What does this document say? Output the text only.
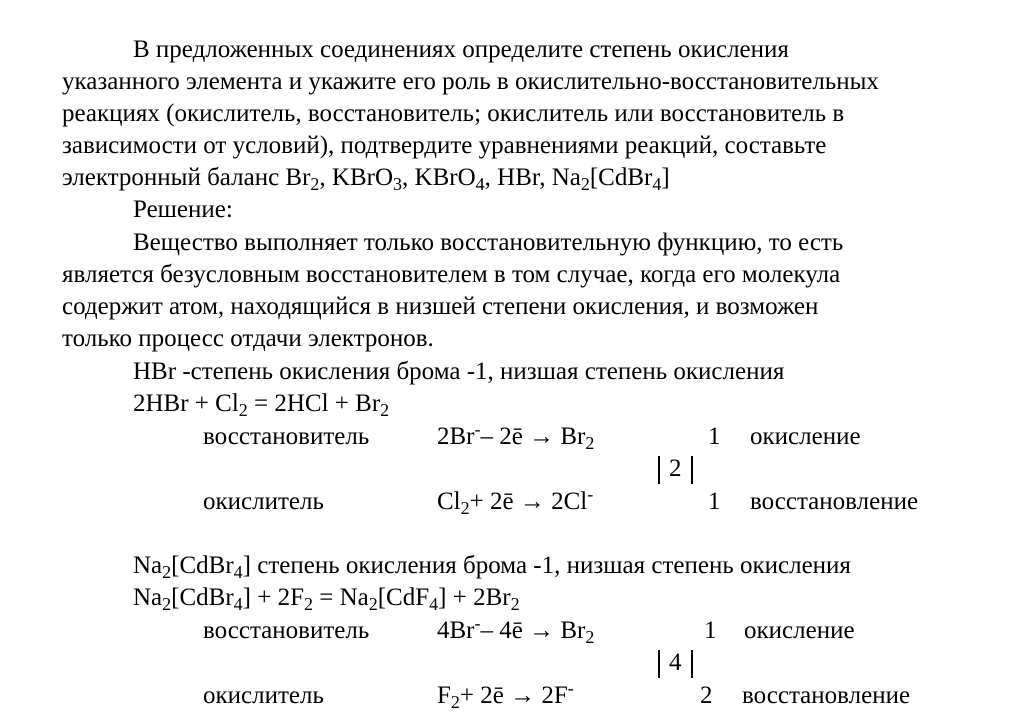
В предложенных соединениях определите степень окисления
указанного элемента и укажите его роль в окислительно-восстановительных
реакциях (окислитель, восстановитель; окислитель или восстановитель в
зависимости от условий), подтвердите уравнениями реакций, составьте
электронный баланс $Br_2$, KBrO$_3$, KBrO$_4$, HBr, $Na_2[CdBr_4]$
Решение:
Вещество выполняет только восстановительную функцию, то есть
является безусловным восстановителем в том случае, когда его молекула
содержит атом, находящийся в низшей степени окисления, и возможен
только процесс отдачи электронов.
HBr -степень окисления брома -1, низшая степень окисления
$2HBr + Cl_2 = 2HCl + Br_2$
восстановитель	2Br-– 2ē → $Br_2$	1 окисление
2
окислитель	$Cl_2+$ 2ē → 2Cl-	1 восстановление
$Na_2[CdBr_4]$ степень окисления брома -1, низшая степень окисления
$Na_2[CdBr_4] + 2F_2 = Na_2[CdF_4] + 2Br_2$
восстановитель	4Br-– 4ē → $Br_2$	1 окисление
4
окислитель	$F_2+$ 2ē → 2F-	2 восстановление
